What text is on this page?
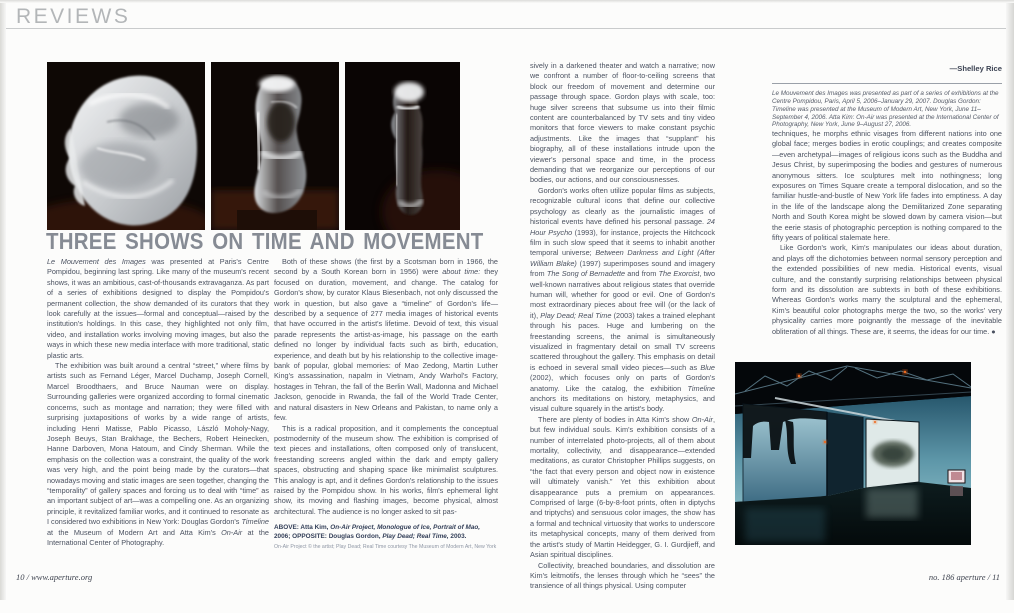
REVIEWS
THREE SHOWS ON TIME AND MOVEMENT

Le Mouvement des Images was presented at Paris's Centre Pompidou, beginning last spring. Like many of the museum's recent shows, it was an ambitious, cast-of-thousands extravaganza. As part of a series of exhibitions designed to display the Pompidou's permanent collection, the show demanded of its curators that they look carefully at the issues—formal and conceptual—raised by the institution's holdings. In this case, they highlighted not only film, video, and installation works involving moving images, but also the ways in which these new media interface with more traditional, static plastic arts.

The exhibition was built around a central “street,” where films by artists such as Fernand Léger, Marcel Duchamp, Joseph Cornell, Marcel Broodthaers, and Bruce Nauman were on display. Surrounding galleries were organized according to formal cinematic concerns, such as montage and narration; they were filled with surprising juxtapositions of works by a wide range of artists, including Henri Matisse, Pablo Picasso, László Moholy-Nagy, Joseph Beuys, Stan Brakhage, the Bechers, Robert Heinecken, Hanne Darboven, Mona Hatoum, and Cindy Sherman. While the emphasis on the collection was a constraint, the quality of the work was very high, and the point being made by the curators—that nowadays moving and static images are seen together, changing the “temporality” of gallery spaces and forcing us to deal with “time” as an important subject of art—was a compelling one. As an organizing principle, it revitalized familiar works, and it continued to resonate as I considered two exhibitions in New York: Douglas Gordon's Timeline at the Museum of Modern Art and Atta Kim's On-Air at the International Center of Photography.

Both of these shows (the first by a Scotsman born in 1966, the second by a South Korean born in 1956) were about time: they focused on duration, movement, and change. The catalog for Gordon's show, by curator Klaus Biesenbach, not only discussed the work in question, but also gave a “timeline” of Gordon's life—described by a sequence of 277 media images of historical events that have occurred in the artist's lifetime. Devoid of text, this visual parade represents the artist-as-image, his passage on the earth defined no longer by individual facts such as birth, education, experience, and death but by his relationship to the collective image-bank of popular, global memories: of Mao Zedong, Martin Luther King's assassination, napalm in Vietnam, Andy Warhol's Factory, hostages in Tehran, the fall of the Berlin Wall, Madonna and Michael Jackson, genocide in Rwanda, the fall of the World Trade Center, and natural disasters in New Orleans and Pakistan, to name only a few.

This is a radical proposition, and it complements the conceptual postmodernity of the museum show. The exhibition is comprised of text pieces and installations, often composed only of translucent, freestanding screens angled within the dark and empty gallery spaces, obstructing and shaping space like minimalist sculptures. This analogy is apt, and it defines Gordon's relationship to the issues raised by the Pompidou show. In his works, film's ephemeral light show, its moving and flashing images, become physical, almost architectural. The audience is no longer asked to sit pas-

ABOVE: Atta Kim, On-Air Project, Monologue of Ice, Portrait of Mao, 2006; OPPOSITE: Douglas Gordon, Play Dead; Real Time, 2003.

On-Air Project © the artist; Play Dead; Real Time courtesy The Museum of Modern Art, New York

sively in a darkened theater and watch a narrative; now we confront a number of floor-to-ceiling screens that block our freedom of movement and determine our passage through space. Gordon plays with scale, too: huge silver screens that subsume us into their filmic content are counterbalanced by TV sets and tiny video monitors that force viewers to make constant psychic adjustments. Like the images that “supplant” his biography, all of these installations intrude upon the viewer's personal space and time, in the process demanding that we reorganize our perceptions of our bodies, our actions, and our consciousnesses.

Gordon's works often utilize popular films as subjects, recognizable cultural icons that define our collective psychology as clearly as the journalistic images of historical events have defined his personal passage. 24 Hour Psycho (1993), for instance, projects the Hitchcock film in such slow speed that it seems to inhabit another temporal universe; Between Darkness and Light (After William Blake) (1997) superimposes sound and imagery from The Song of Bernadette and from The Exorcist, two well-known narratives about religious states that override human will, whether for good or evil. One of Gordon's most extraordinary pieces about free will (or the lack of it), Play Dead; Real Time (2003) takes a trained elephant through his paces. Huge and lumbering on the freestanding screens, the animal is simultaneously visualized in fragmentary detail on small TV screens scattered throughout the gallery. This emphasis on detail is echoed in several small video pieces—such as Blue (2002), which focuses only on parts of Gordon's anatomy. Like the catalog, the exhibition Timeline anchors its meditations on history, metaphysics, and visual culture squarely in the artist's body.

There are plenty of bodies in Atta Kim's show On-Air, but few individual souls. Kim's exhibition consists of a number of interrelated photo-projects, all of them about mortality, collectivity, and disappearance—extended meditations, as curator Christopher Phillips suggests, on “the fact that every person and object now in existence will ultimately vanish.” Yet this exhibition about disappearance puts a premium on appearances. Comprised of large (6-by-8-foot prints, often in diptychs and triptychs) and sensuous color images, the show has a formal and technical virtuosity that works to underscore its metaphysical concepts, many of them derived from the artist's study of Martin Heidegger, G. I. Gurdjieff, and Asian spiritual disciplines.

Collectivity, breached boundaries, and dissolution are Kim's leitmotifs, the lenses through which he “sees” the transience of all things physical. Using computer

—Shelley Rice

Le Mouvement des Images was presented as part of a series of exhibitions at the Centre Pompidou, Paris, April 5, 2006–January 29, 2007. Douglas Gordon: Timeline was presented at the Museum of Modern Art, New York, June 11–September 4, 2006. Atta Kim: On-Air was presented at the International Center of Photography, New York, June 9–August 27, 2006.

techniques, he morphs ethnic visages from different nations into one global face; merges bodies in erotic couplings; and creates composite—even archetypal—images of religious icons such as the Buddha and Jesus Christ, by superimposing the bodies and gestures of numerous anonymous sitters. Ice sculptures melt into nothingness; long exposures on Times Square create a temporal dislocation, and so the familiar hustle-and-bustle of New York life fades into emptiness. A day in the life of the landscape along the Demilitarized Zone separating North and South Korea might be slowed down by camera vision—but the eerie stasis of photographic perception is nothing compared to the fifty years of political stalemate here.

Like Gordon's work, Kim's manipulates our ideas about duration, and plays off the dichotomies between normal sensory perception and the extended possibilities of new media. Historical events, visual culture, and the constantly surprising relationships between physical form and its dissolution are subtexts in both of these exhibitions. Whereas Gordon's works marry the sculptural and the ephemeral, Kim's beautiful color photographs merge the two, so the works' very physicality carries more poignantly the message of the inevitable obliteration of all things. These are, it seems, the ideas for our time. ●

10 / www.aperture.org	no. 186 aperture / 11
